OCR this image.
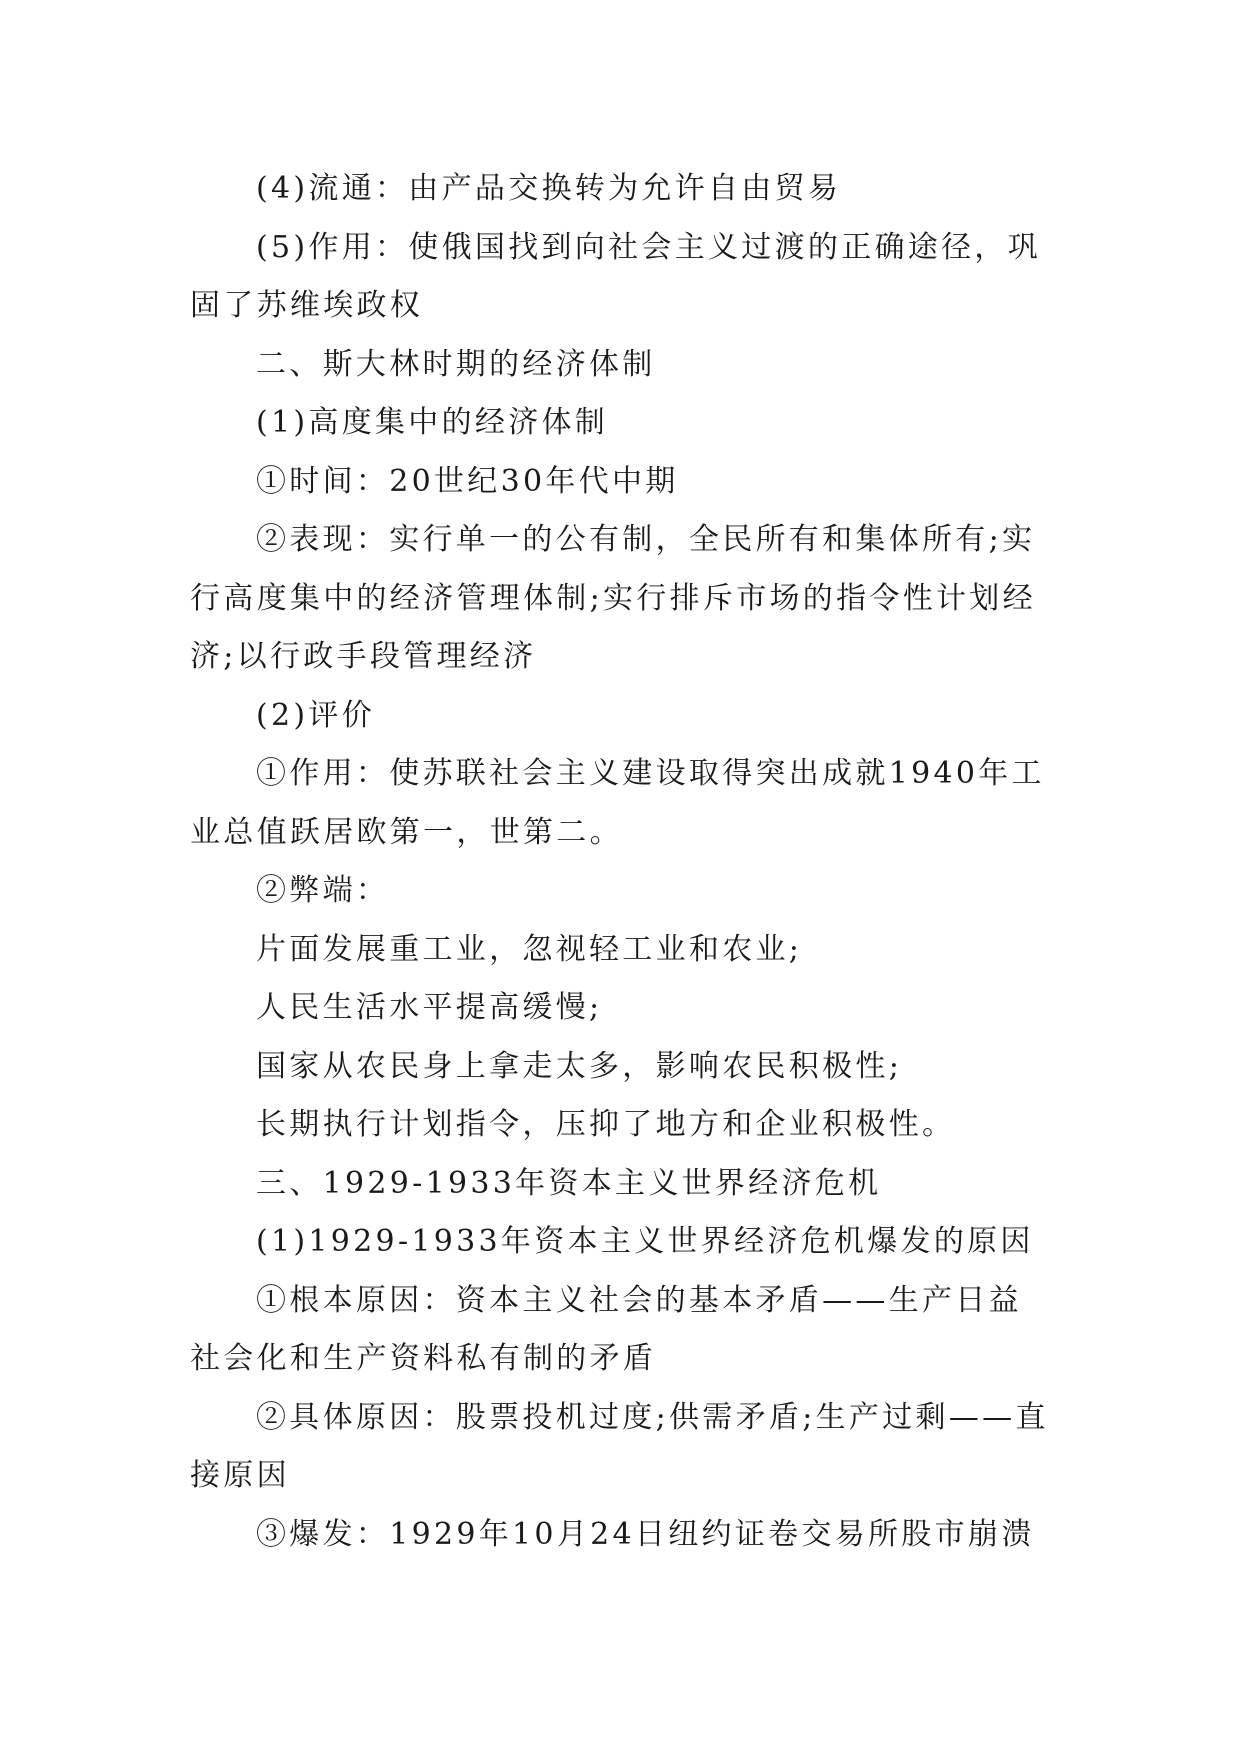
(4)流通：由产品交换转为允许自由贸易

(5)作用：使俄国找到向社会主义过渡的正确途径，巩固了苏维埃政权

二、斯大林时期的经济体制

(1)高度集中的经济体制

①时间：20世纪30年代中期

②表现：实行单一的公有制，全民所有和集体所有;实行高度集中的经济管理体制;实行排斥市场的指令性计划经济;以行政手段管理经济

(2)评价

①作用：使苏联社会主义建设取得突出成就1940年工业总值跃居欧第一，世第二。

②弊端：

片面发展重工业，忽视轻工业和农业;

人民生活水平提高缓慢;

国家从农民身上拿走太多，影响农民积极性;

长期执行计划指令，压抑了地方和企业积极性。

三、1929-1933年资本主义世界经济危机

(1)1929-1933年资本主义世界经济危机爆发的原因

①根本原因：资本主义社会的基本矛盾——生产日益社会化和生产资料私有制的矛盾

②具体原因：股票投机过度;供需矛盾;生产过剩——直接原因

③爆发：1929年10月24日纽约证卷交易所股市崩溃
